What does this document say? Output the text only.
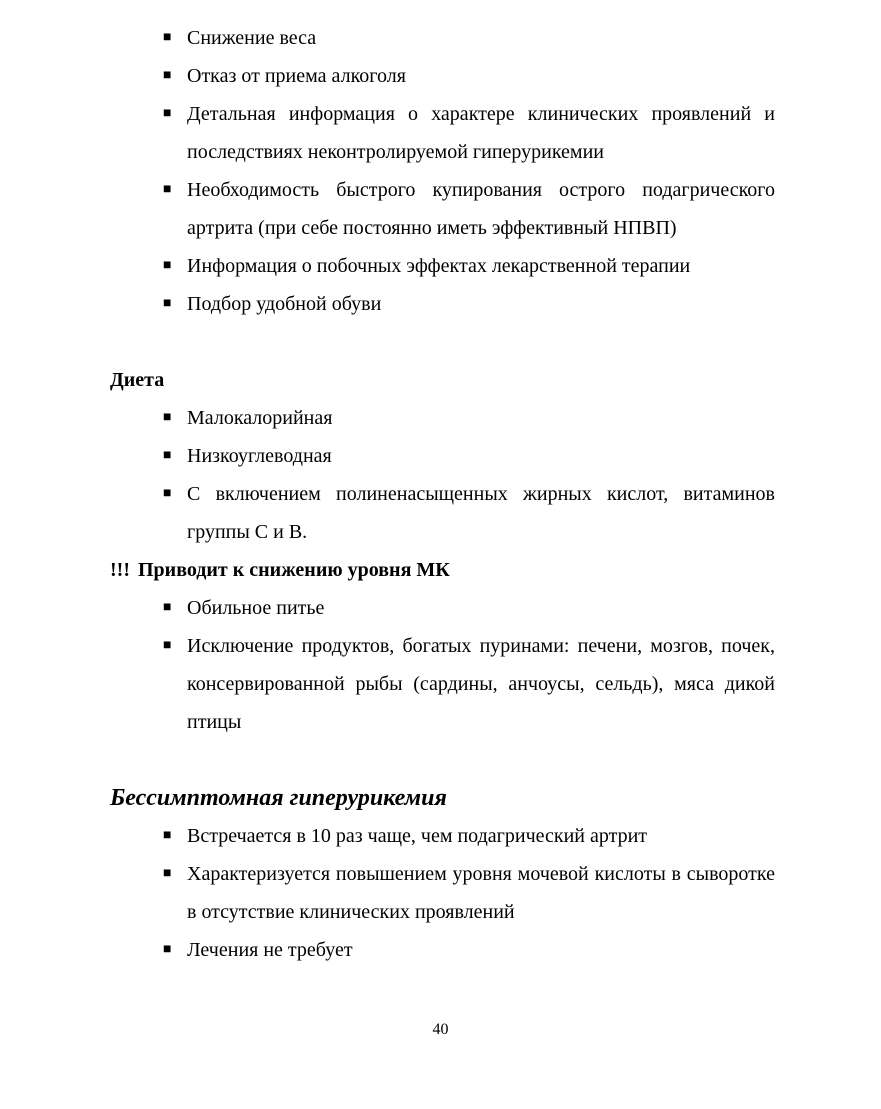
■ Снижение веса
■ Отказ от приема алкоголя
■ Детальная информация о характере клинических проявлений и последствиях неконтролируемой гиперурикемии
■ Необходимость быстрого купирования острого подагрического артрита (при себе постоянно иметь эффективный НПВП)
■ Информация о побочных эффектах лекарственной терапии
■ Подбор удобной обуви
Диета
■ Малокалорийная
■ Низкоуглеводная
■ С включением полиненасыщенных жирных кислот, витаминов группы С и В.
!!! Приводит к снижению уровня МК
■ Обильное питье
■ Исключение продуктов, богатых пуринами: печени, мозгов, почек, консервированной рыбы (сардины, анчоусы, сельдь), мяса дикой птицы
Бессимптомная гиперурикемия
■ Встречается в 10 раз чаще, чем подагрический артрит
■ Характеризуется повышением уровня мочевой кислоты в сыворотке в отсутствие клинических проявлений
■ Лечения не требует
40
